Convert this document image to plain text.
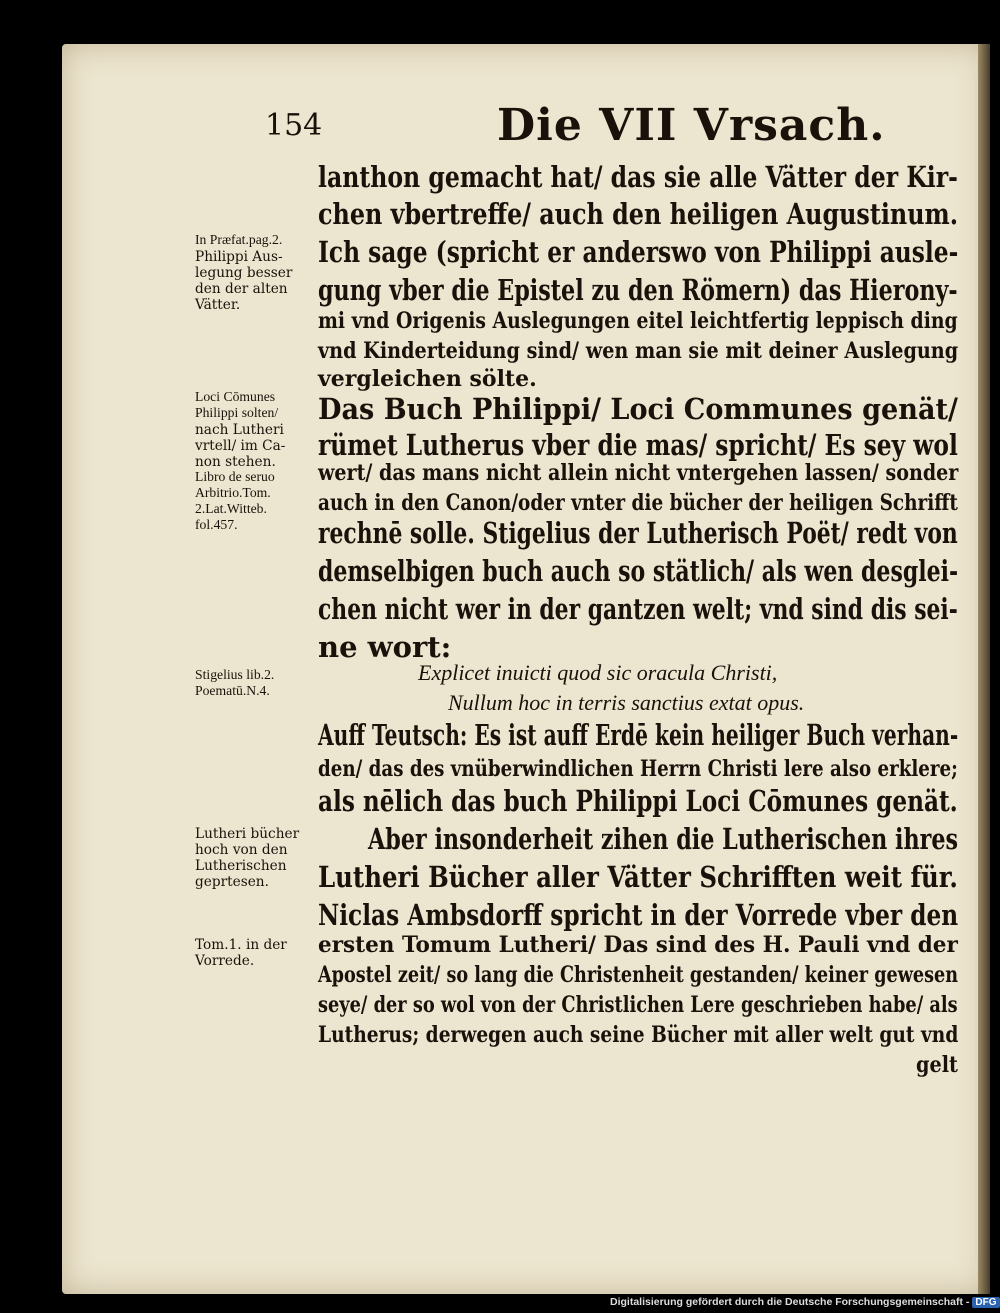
154	Die VII Vrsach.
lanthon gemacht hat/ das sie alle Vätter der Kir-
chen vbertreffe/ auch den heiligen Augustinum.
Ich sage (spricht er anderswo von Philippi ausle-
gung vber die Epistel zu den Römern) das Hierony-
mi vnd Origenis Auslegungen eitel leichtfertig leppisch ding
vnd Kinderteidung sind/ wen man sie mit deiner Auslegung
vergleichen sölte.
Das Buch Philippi/ Loci Communes genät/
rümet Lutherus vber die mas/ spricht/ Es sey wol
wert/ das mans nicht allein nicht vntergehen lassen/ sonder
auch in den Canon/oder vnter die bücher der heiligen Schrifft
rechnē solle. Stigelius der Lutherisch Poët/ redt von
demselbigen buch auch so stätlich/ als wen desglei-
chen nicht wer in der gantzen welt; vnd sind dis sei-
ne wort:
Explicet inuicti quod sic oracula Christi,
Nullum hoc in terris sanctius extat opus.
Auff Teutsch: Es ist auff Erdē kein heiliger Buch verhan-
den/ das des vnüberwindlichen Herrn Christi lere also erklere;
als nēlich das buch Philippi Loci Cōmunes genät.
Aber insonderheit zihen die Lutherischen ihres
Lutheri Bücher aller Vätter Schrifften weit für.
Niclas Ambsdorff spricht in der Vorrede vber den
ersten Tomum Lutheri/ Das sind des H. Pauli vnd der
Apostel zeit/ so lang die Christenheit gestanden/ keiner gewesen
seye/ der so wol von der Christlichen Lere geschrieben habe/ als
Lutherus; derwegen auch seine Bücher mit aller welt gut vnd
gelt
In Præfat.pag.2.
Philippi Aus-
legung besser
den der alten
Vätter.
Loci Cōmunes
Philippi solten/
nach Lutheri
vrtell/ im Ca-
non stehen.
Libro de seruo
Arbitrio.Tom.
2.Lat.Witteb.
fol.457.
Stigelius lib.2.
Poematū.N.4.
Lutheri bücher
hoch von den
Lutherischen
geprtesen.
Tom.1. in der
Vorrede.
Digitalisierung gefördert durch die Deutsche Forschungsgemeinschaft - DFG
